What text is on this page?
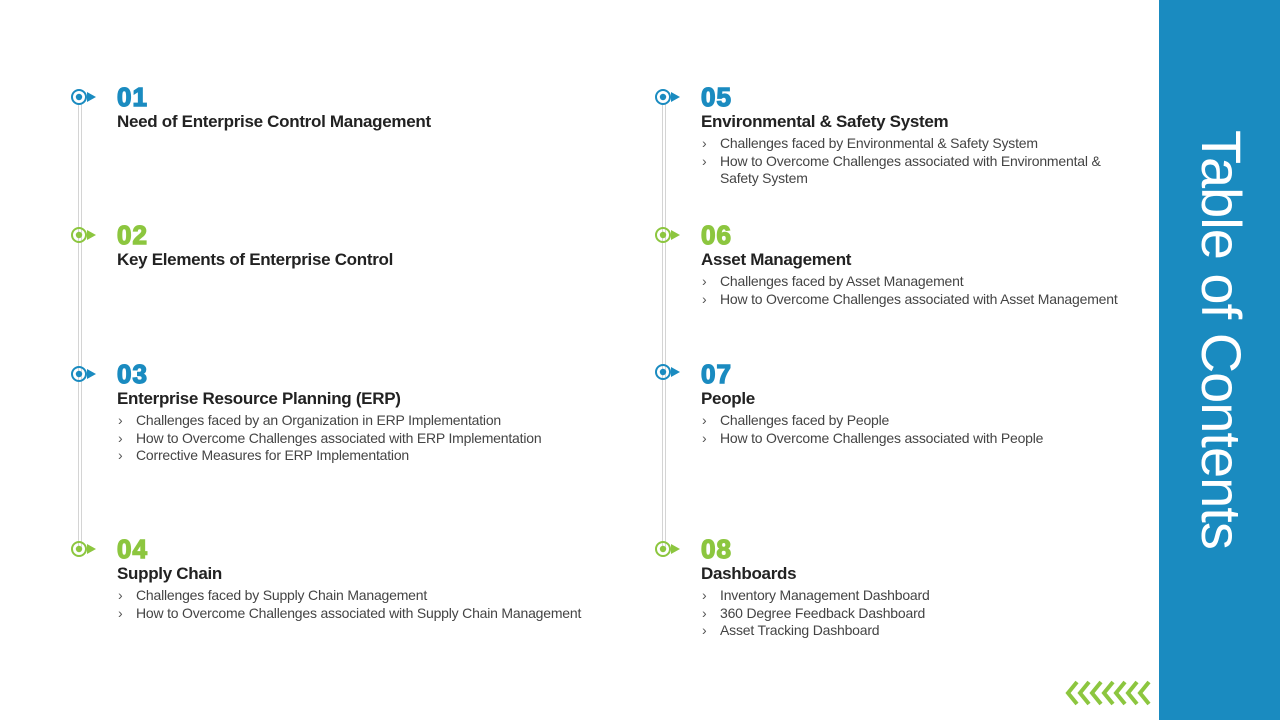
01
Need of Enterprise Control Management
02
Key Elements of Enterprise Control
03
Enterprise Resource Planning (ERP)
› Challenges faced by an Organization in ERP Implementation
› How to Overcome Challenges associated with ERP Implementation
› Corrective Measures for ERP Implementation
04
Supply Chain
› Challenges faced by Supply Chain Management
› How to Overcome Challenges associated with Supply Chain Management
05
Environmental & Safety System
› Challenges faced by Environmental & Safety System
› How to Overcome Challenges associated with Environmental & Safety System
06
Asset Management
› Challenges faced by Asset Management
› How to Overcome Challenges associated with Asset Management
07
People
› Challenges faced by People
› How to Overcome Challenges associated with People
08
Dashboards
› Inventory Management Dashboard
› 360 Degree Feedback Dashboard
› Asset Tracking Dashboard
Table of Contents
